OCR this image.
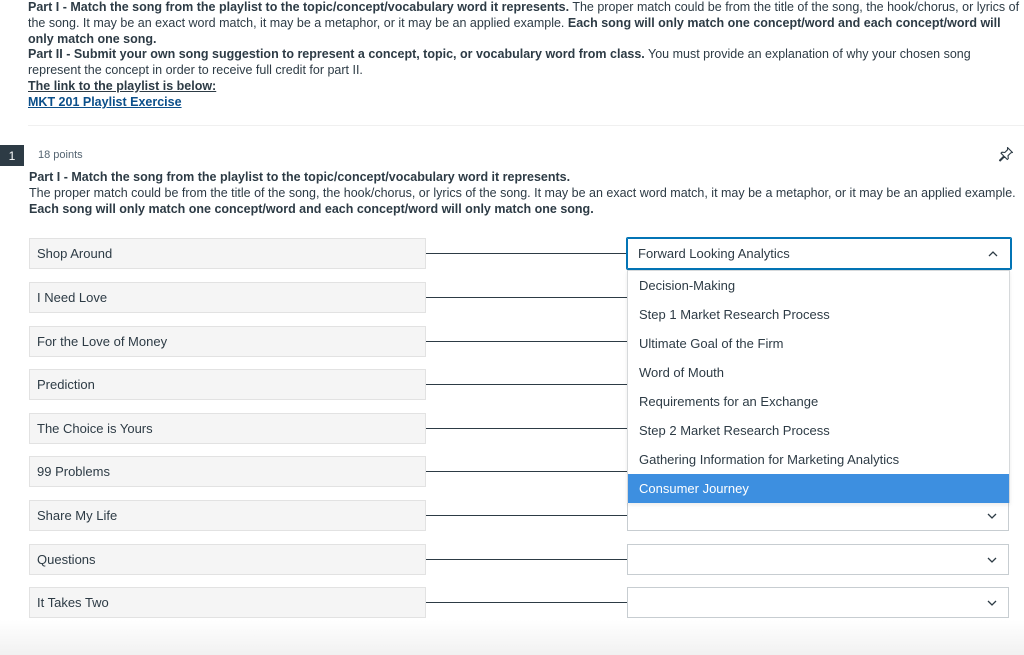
Part I - Match the song from the playlist to the topic/concept/vocabulary word it represents. The proper match could be from the title of the song, the hook/chorus, or lyrics of the song. It may be an exact word match, it may be a metaphor, or it may be an applied example. Each song will only match one concept/word and each concept/word will only match one song.

Part II - Submit your own song suggestion to represent a concept, topic, or vocabulary word from class. You must provide an explanation of why your chosen song represent the concept in order to receive full credit for part II.

The link to the playlist is below:

MKT 201 Playlist Exercise

1	18 points
Part I - Match the song from the playlist to the topic/concept/vocabulary word it represents.
The proper match could be from the title of the song, the hook/chorus, or lyrics of the song. It may be an exact word match, it may be a metaphor, or it may be an applied example.
Each song will only match one concept/word and each concept/word will only match one song.
Shop Around	Forward Looking Analytics
I Need Love
For the Love of Money
Prediction
The Choice is Yours
99 Problems
Decision-Making
Step 1 Market Research Process
Ultimate Goal of the Firm
Word of Mouth
Requirements for an Exchange
Step 2 Market Research Process
Gathering Information for Marketing Analytics
Consumer Journey
Share My Life
Questions
It Takes Two
